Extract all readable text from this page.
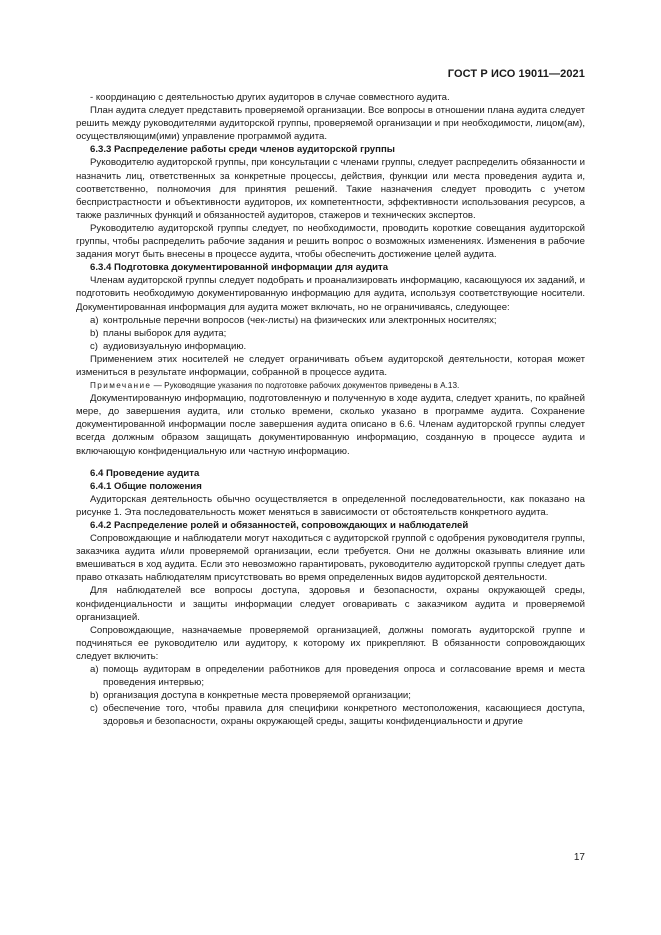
ГОСТ Р ИСО 19011—2021

- координацию с деятельностью других аудиторов в случае совместного аудита.

План аудита следует представить проверяемой организации. Все вопросы в отношении плана аудита следует решить между руководителями аудиторской группы, проверяемой организации и при необходимости, лицом(ам), осуществляющим(ими) управление программой аудита.

6.3.3 Распределение работы среди членов аудиторской группы

Руководителю аудиторской группы, при консультации с членами группы, следует распределить обязанности и назначить лиц, ответственных за конкретные процессы, действия, функции или места проведения аудита и, соответственно, полномочия для принятия решений. Такие назначения следует проводить с учетом беспристрастности и объективности аудиторов, их компетентности, эффективности использования ресурсов, а также различных функций и обязанностей аудиторов, стажеров и технических экспертов.

Руководителю аудиторской группы следует, по необходимости, проводить короткие совещания аудиторской группы, чтобы распределить рабочие задания и решить вопрос о возможных изменениях. Изменения в рабочие задания могут быть внесены в процессе аудита, чтобы обеспечить достижение целей аудита.

6.3.4 Подготовка документированной информации для аудита

Членам аудиторской группы следует подобрать и проанализировать информацию, касающуюся их заданий, и подготовить необходимую документированную информацию для аудита, используя соответствующие носители. Документированная информация для аудита может включать, но не ограничиваясь, следующее:

a) контрольные перечни вопросов (чек-листы) на физических или электронных носителях;
b) планы выборок для аудита;
c) аудиовизуальную информацию.

Применением этих носителей не следует ограничивать объем аудиторской деятельности, которая может измениться в результате информации, собранной в процессе аудита.

Примечание — Руководящие указания по подготовке рабочих документов приведены в А.13.

Документированную информацию, подготовленную и полученную в ходе аудита, следует хранить, по крайней мере, до завершения аудита, или столько времени, сколько указано в программе аудита. Сохранение документированной информации после завершения аудита описано в 6.6. Членам аудиторской группы следует всегда должным образом защищать документированную информацию, созданную в процессе аудита и включающую конфиденциальную или частную информацию.

6.4 Проведение аудита

6.4.1 Общие положения

Аудиторская деятельность обычно осуществляется в определенной последовательности, как показано на рисунке 1. Эта последовательность может меняться в зависимости от обстоятельств конкретного аудита.

6.4.2 Распределение ролей и обязанностей, сопровождающих и наблюдателей

Сопровождающие и наблюдатели могут находиться с аудиторской группой с одобрения руководителя группы, заказчика аудита и/или проверяемой организации, если требуется. Они не должны оказывать влияние или вмешиваться в ход аудита. Если это невозможно гарантировать, руководителю аудиторской группы следует дать право отказать наблюдателям присутствовать во время определенных видов аудиторской деятельности.

Для наблюдателей все вопросы доступа, здоровья и безопасности, охраны окружающей среды, конфиденциальности и защиты информации следует оговаривать с заказчиком аудита и проверяемой организацией.

Сопровождающие, назначаемые проверяемой организацией, должны помогать аудиторской группе и подчиняться ее руководителю или аудитору, к которому их прикрепляют. В обязанности сопровождающих следует включить:

a) помощь аудиторам в определении работников для проведения опроса и согласование время и места проведения интервью;
b) организация доступа в конкретные места проверяемой организации;
c) обеспечение того, чтобы правила для специфики конкретного местоположения, касающиеся доступа, здоровья и безопасности, охраны окружающей среды, защиты конфиденциальности и другие
17
